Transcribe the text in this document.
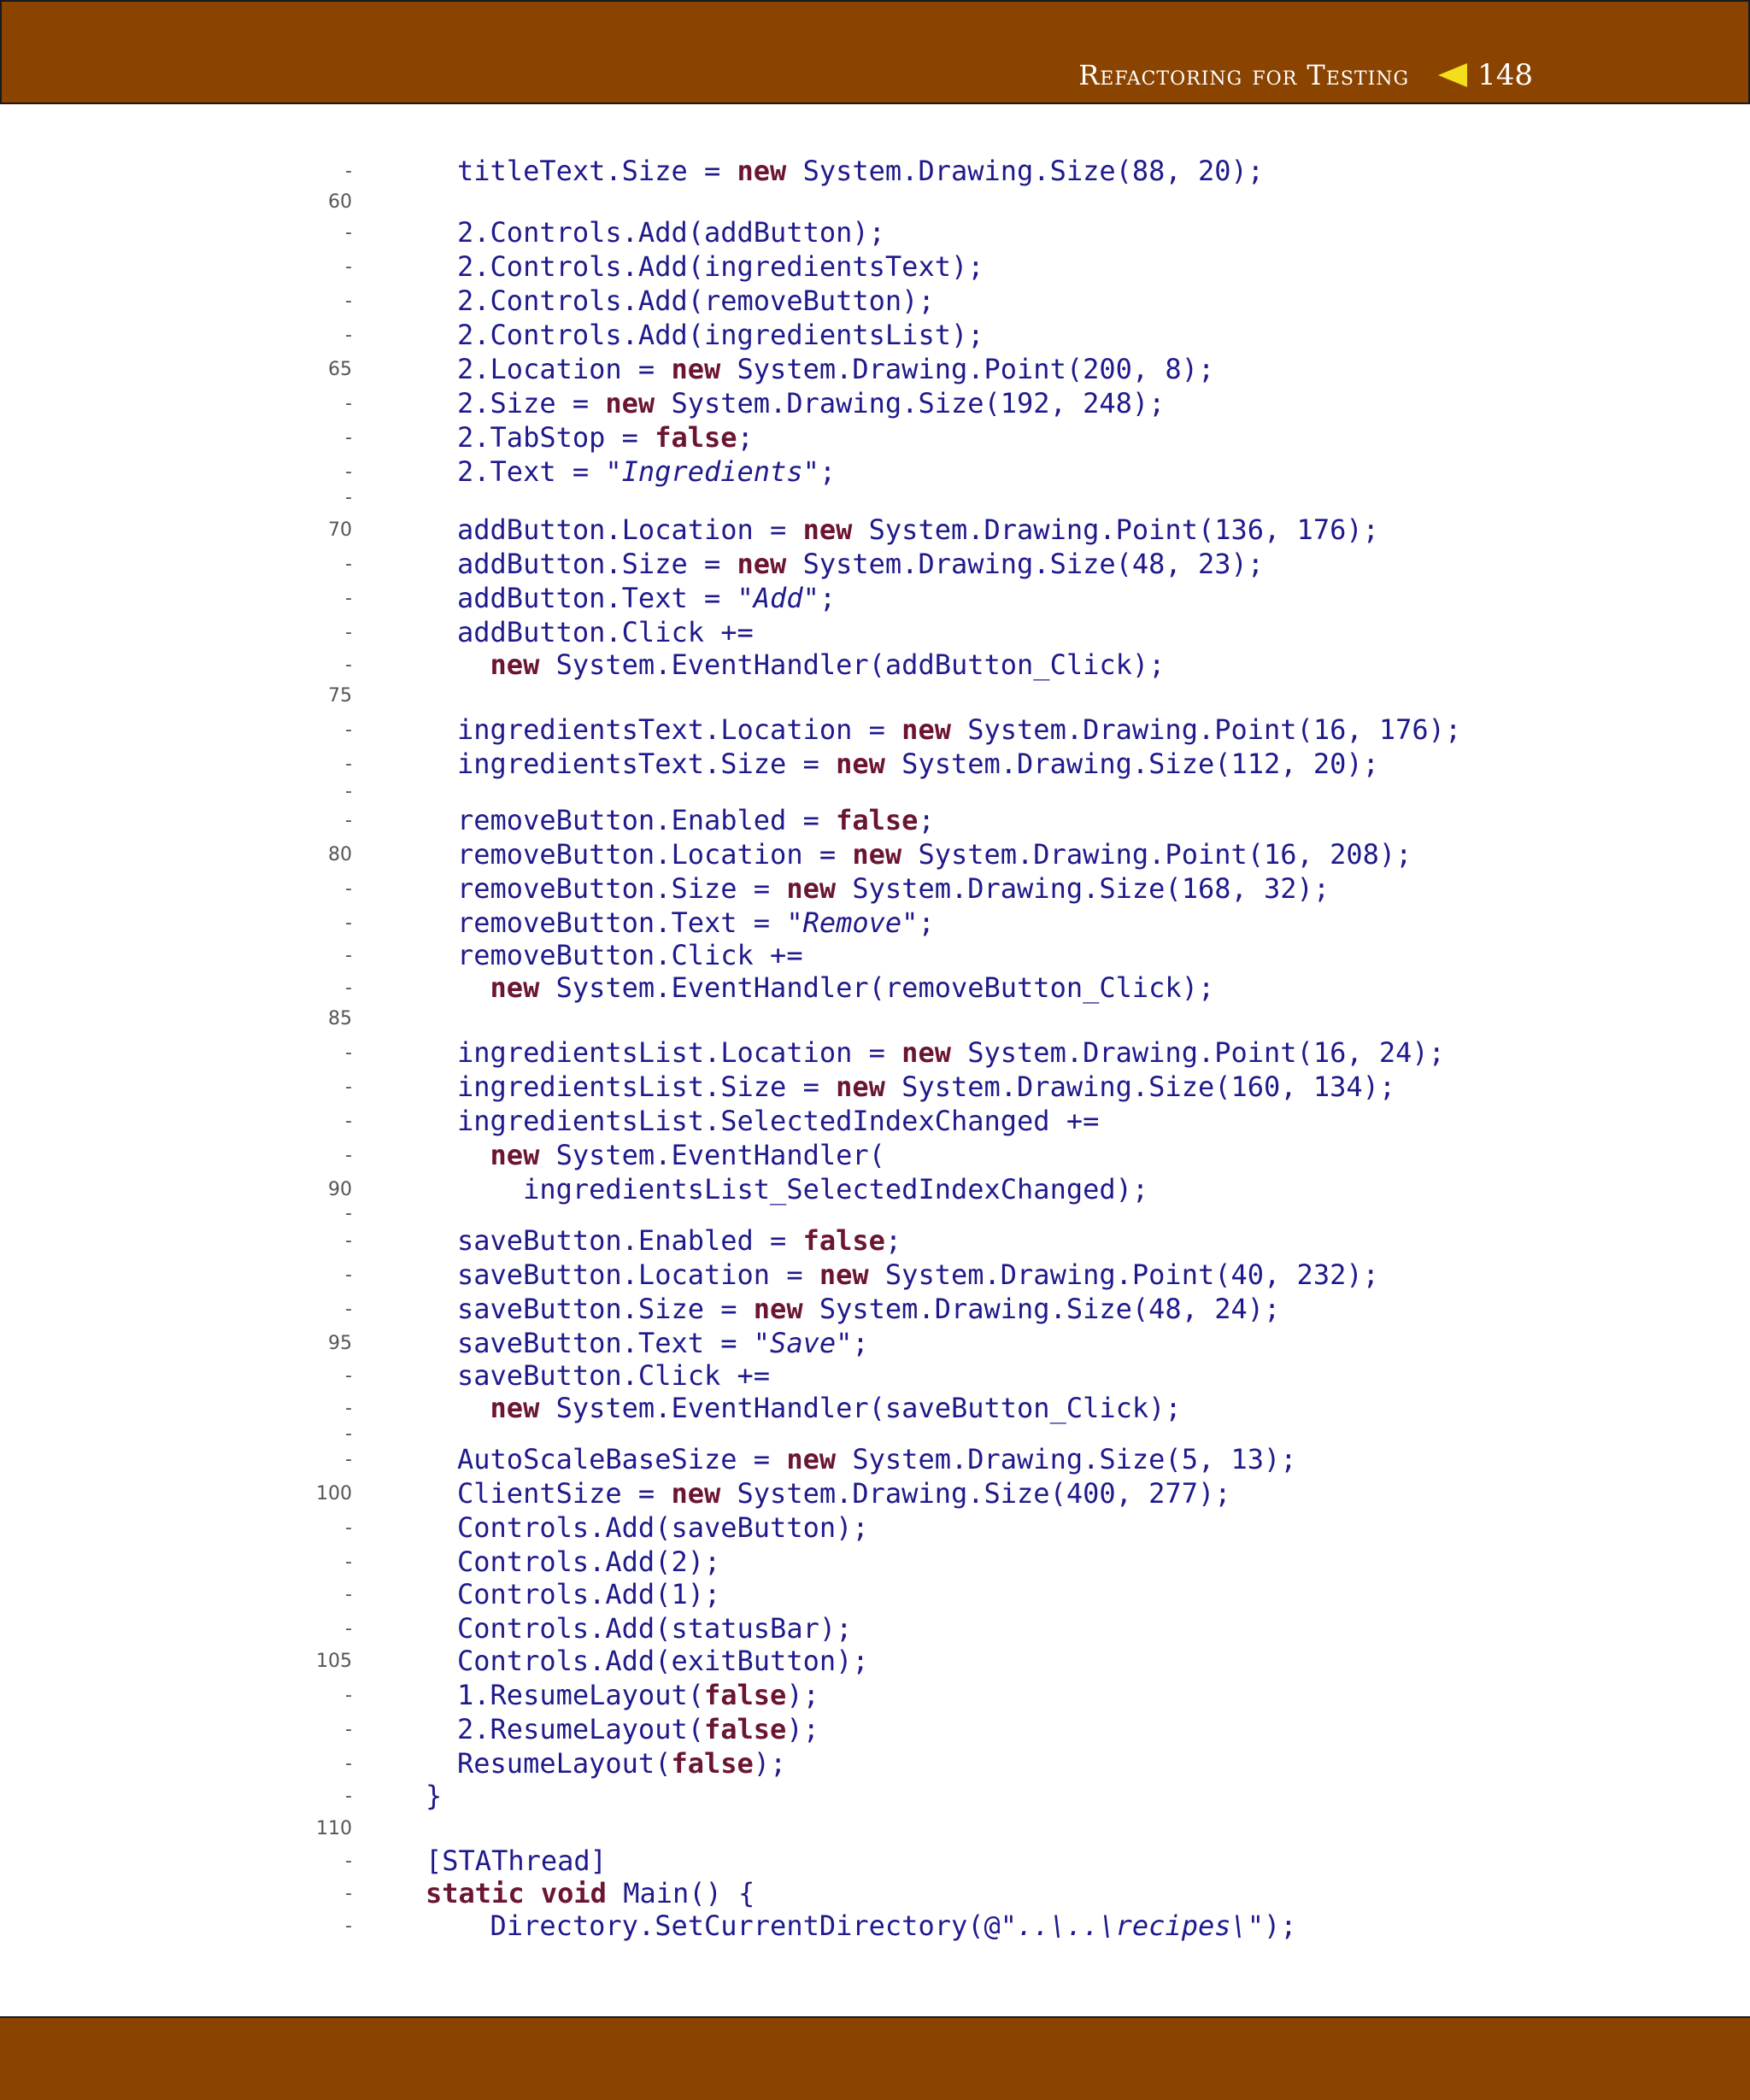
Refactoring for Testing 148
-	titleText.Size = new System.Drawing.Size(88, 20);
60
-	2.Controls.Add(addButton);
-	2.Controls.Add(ingredientsText);
-	2.Controls.Add(removeButton);
-	2.Controls.Add(ingredientsList);
65	2.Location = new System.Drawing.Point(200, 8);
-	2.Size = new System.Drawing.Size(192, 248);
-	2.TabStop = false;
-	2.Text = "Ingredients";
-
70	addButton.Location = new System.Drawing.Point(136, 176);
-	addButton.Size = new System.Drawing.Size(48, 23);
-	addButton.Text = "Add";
-	addButton.Click +=
-	new System.EventHandler(addButton_Click);
75
-	ingredientsText.Location = new System.Drawing.Point(16, 176);
-	ingredientsText.Size = new System.Drawing.Size(112, 20);
-
-	removeButton.Enabled = false;
80	removeButton.Location = new System.Drawing.Point(16, 208);
-	removeButton.Size = new System.Drawing.Size(168, 32);
-	removeButton.Text = "Remove";
-	removeButton.Click +=
-	new System.EventHandler(removeButton_Click);
85
-	ingredientsList.Location = new System.Drawing.Point(16, 24);
-	ingredientsList.Size = new System.Drawing.Size(160, 134);
-	ingredientsList.SelectedIndexChanged +=
-	new System.EventHandler(
90	ingredientsList_SelectedIndexChanged);
-
-	saveButton.Enabled = false;
-	saveButton.Location = new System.Drawing.Point(40, 232);
-	saveButton.Size = new System.Drawing.Size(48, 24);
95	saveButton.Text = "Save";
-	saveButton.Click +=
-	new System.EventHandler(saveButton_Click);
-
-	AutoScaleBaseSize = new System.Drawing.Size(5, 13);
100	ClientSize = new System.Drawing.Size(400, 277);
-	Controls.Add(saveButton);
-	Controls.Add(2);
-	Controls.Add(1);
-	Controls.Add(statusBar);
105	Controls.Add(exitButton);
-	1.ResumeLayout(false);
-	2.ResumeLayout(false);
-	ResumeLayout(false);
-	}
110
-	[STAThread]
-	static void Main() {
-	Directory.SetCurrentDirectory(@"..\..\recipes\");
